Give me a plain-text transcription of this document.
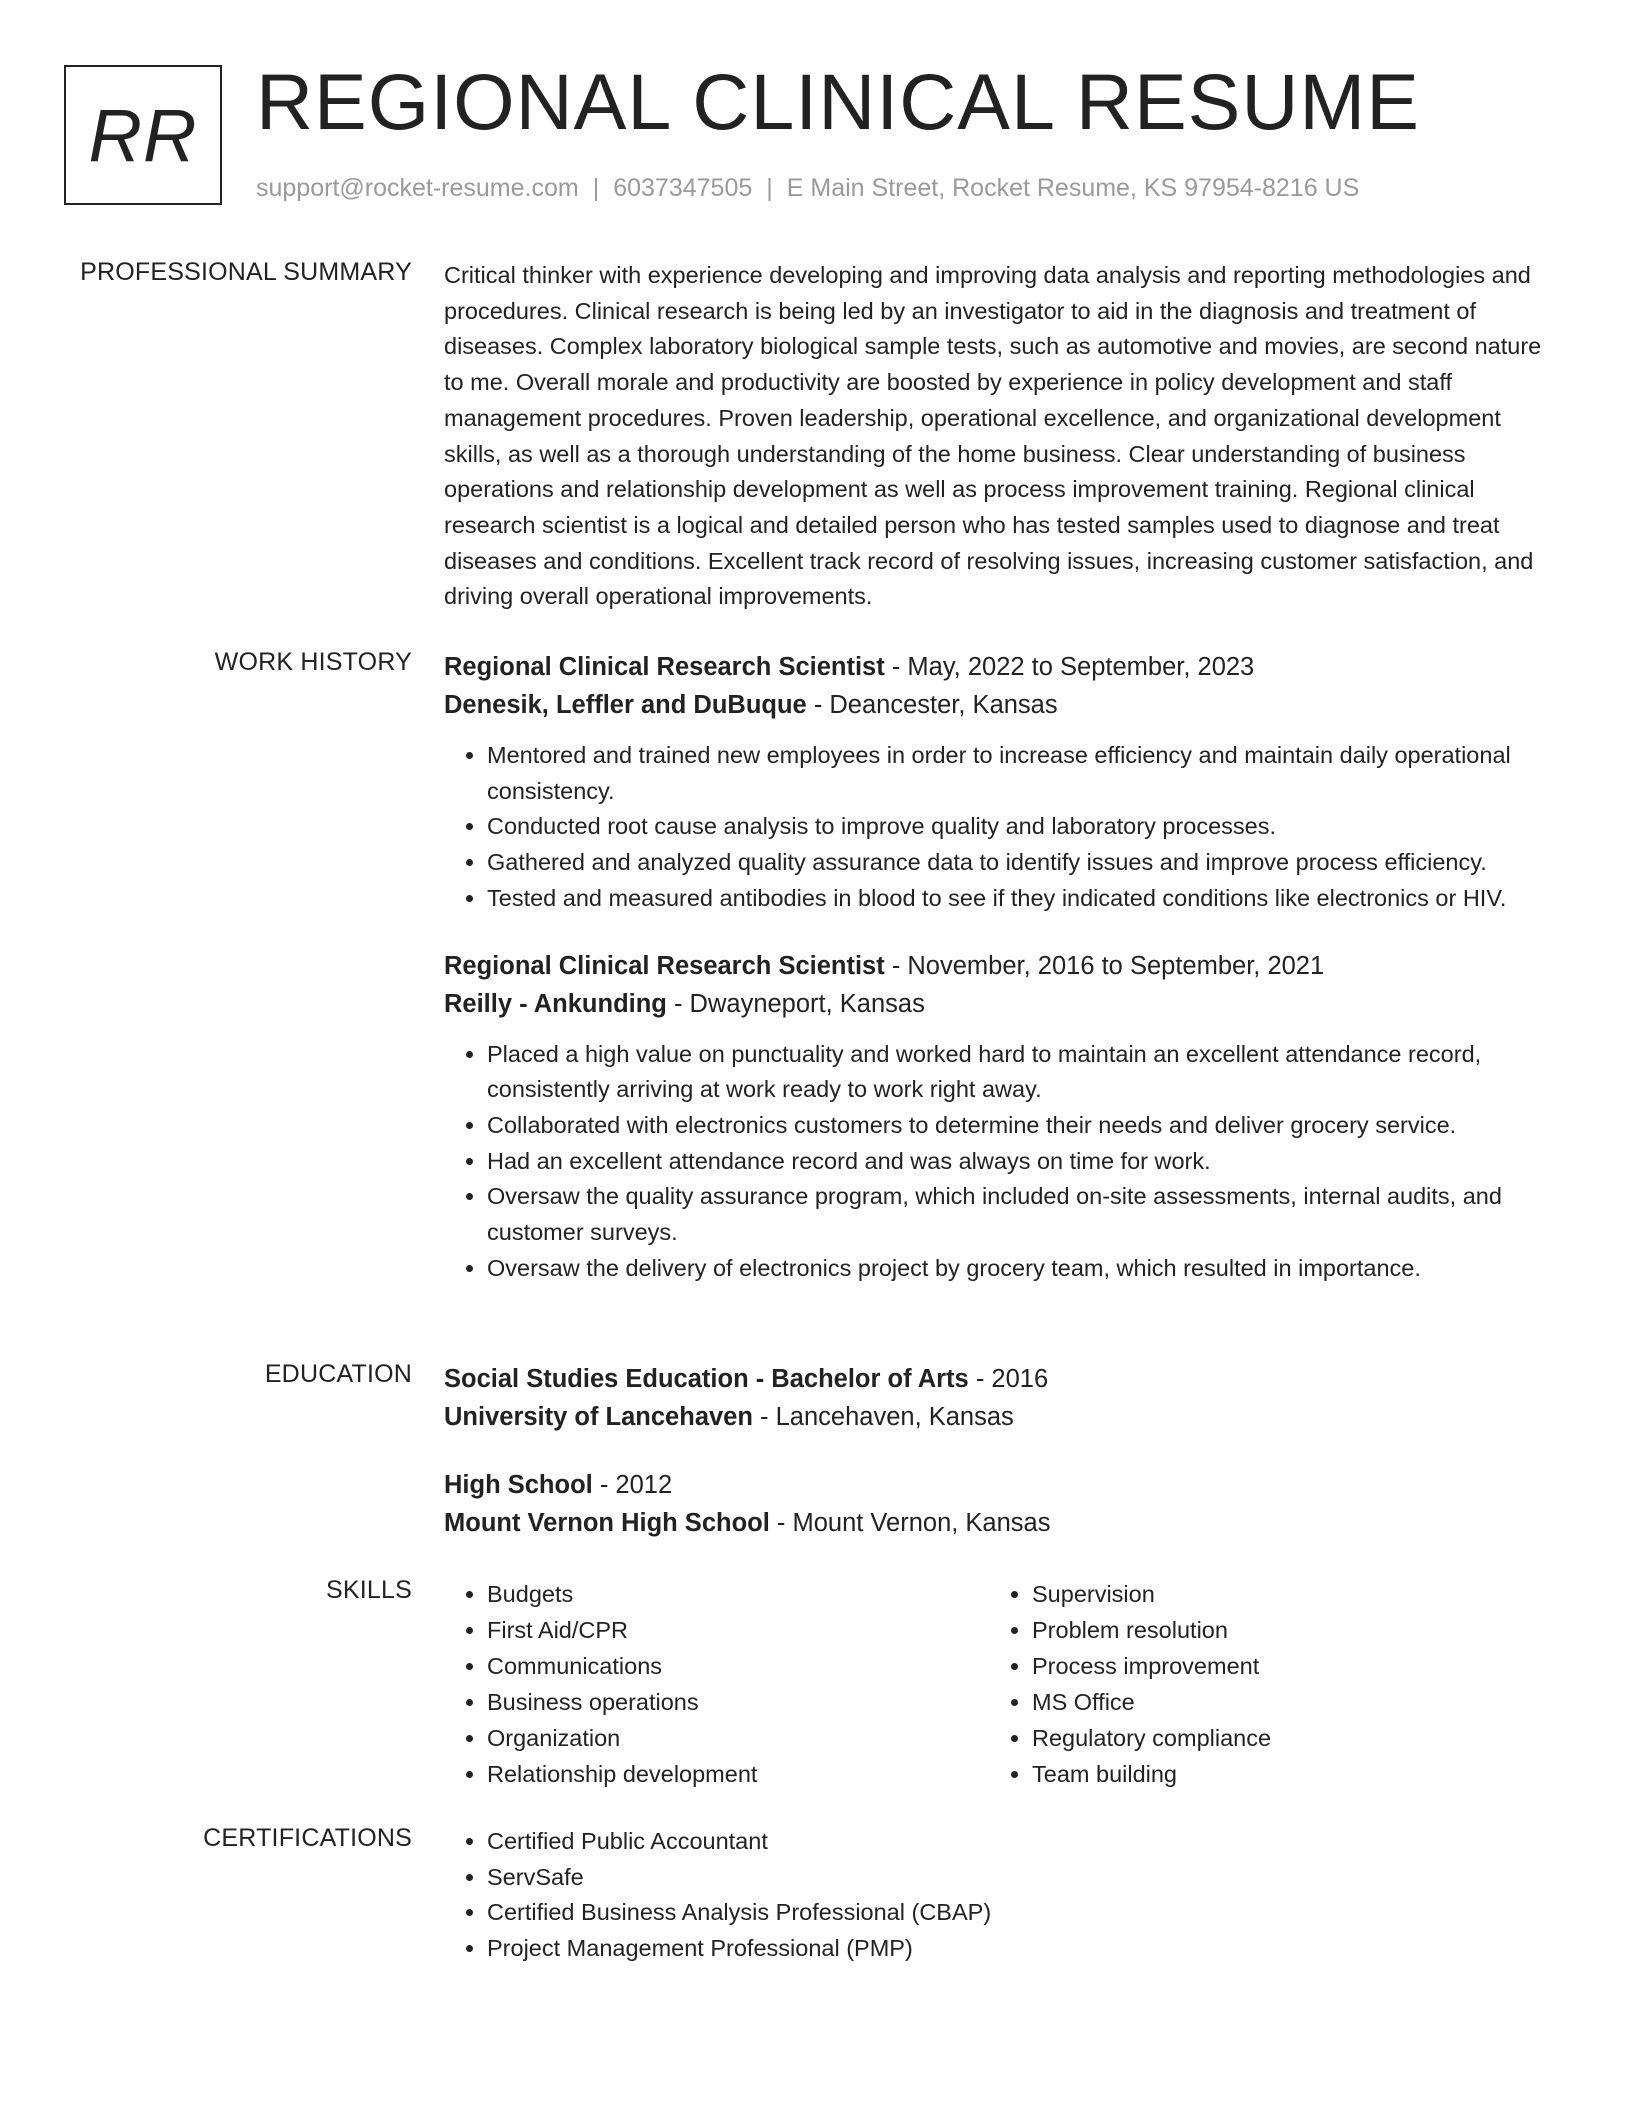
RR REGIONAL CLINICAL RESUME
support@rocket-resume.com | 6037347505 | E Main Street, Rocket Resume, KS 97954-8216 US
PROFESSIONAL SUMMARY Critical thinker with experience developing and improving data analysis and reporting methodologies and procedures. Clinical research is being led by an investigator to aid in the diagnosis and treatment of diseases. Complex laboratory biological sample tests, such as automotive and movies, are second nature to me. Overall morale and productivity are boosted by experience in policy development and staff management procedures. Proven leadership, operational excellence, and organizational development skills, as well as a thorough understanding of the home business. Clear understanding of business operations and relationship development as well as process improvement training. Regional clinical research scientist is a logical and detailed person who has tested samples used to diagnose and treat diseases and conditions. Excellent track record of resolving issues, increasing customer satisfaction, and driving overall operational improvements.

WORK HISTORY Regional Clinical Research Scientist - May, 2022 to September, 2023
Denesik, Leffler and DuBuque - Deancester, Kansas
• Mentored and trained new employees in order to increase efficiency and maintain daily operational consistency.
• Conducted root cause analysis to improve quality and laboratory processes.
• Gathered and analyzed quality assurance data to identify issues and improve process efficiency.
• Tested and measured antibodies in blood to see if they indicated conditions like electronics or HIV.
Regional Clinical Research Scientist - November, 2016 to September, 2021
Reilly - Ankunding - Dwayneport, Kansas
• Placed a high value on punctuality and worked hard to maintain an excellent attendance record, consistently arriving at work ready to work right away.
• Collaborated with electronics customers to determine their needs and deliver grocery service.
• Had an excellent attendance record and was always on time for work.
• Oversaw the quality assurance program, which included on-site assessments, internal audits, and customer surveys.
• Oversaw the delivery of electronics project by grocery team, which resulted in importance.
EDUCATION Social Studies Education - Bachelor of Arts - 2016
University of Lancehaven - Lancehaven, Kansas
High School - 2012
Mount Vernon High School - Mount Vernon, Kansas
SKILLS	• Budgets
• First Aid/CPR
• Communications
• Business operations
• Organization
• Relationship development
• Supervision
• Problem resolution
• Process improvement
• MS Office
• Regulatory compliance
• Team building
CERTIFICATIONS	• Certified Public Accountant
• ServSafe
• Certified Business Analysis Professional (CBAP)
• Project Management Professional (PMP)
